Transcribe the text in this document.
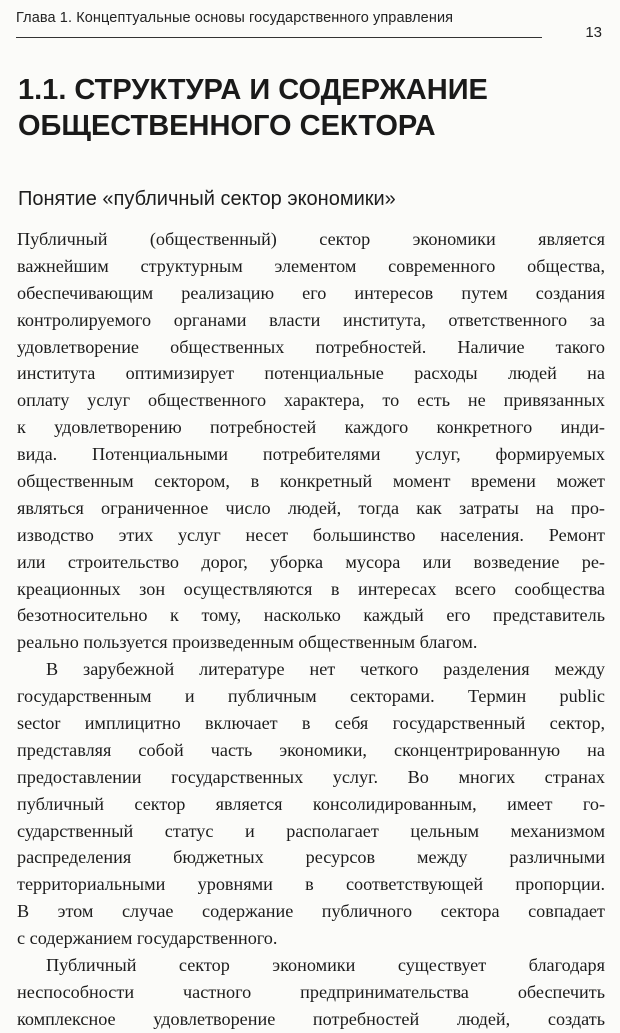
Глава 1. Концептуальные основы государственного управления
13
1.1. СТРУКТУРА И СОДЕРЖАНИЕ
ОБЩЕСТВЕННОГО СЕКТОРА
Понятие «публичный сектор экономики»
Публичный (общественный) сектор экономики является
важнейшим структурным элементом современного общества,
обеспечивающим реализацию его интересов путем создания
контролируемого органами власти института, ответственного за
удовлетворение общественных потребностей. Наличие такого
института оптимизирует потенциальные расходы людей на
оплату услуг общественного характера, то есть не привязанных
к удовлетворению потребностей каждого конкретного инди-
вида. Потенциальными потребителями услуг, формируемых
общественным сектором, в конкретный момент времени может
являться ограниченное число людей, тогда как затраты на про-
изводство этих услуг несет большинство населения. Ремонт
или строительство дорог, уборка мусора или возведение ре-
креационных зон осуществляются в интересах всего сообщества
безотносительно к тому, насколько каждый его представитель
реально пользуется произведенным общественным благом.
В зарубежной литературе нет четкого разделения между
государственным и публичным секторами. Термин public
sector имплицитно включает в себя государственный сектор,
представляя собой часть экономики, сконцентрированную на
предоставлении государственных услуг. Во многих странах
публичный сектор является консолидированным, имеет го-
сударственный статус и располагает цельным механизмом
распределения бюджетных ресурсов между различными
территориальными уровнями в соответствующей пропорции.
В этом случае содержание публичного сектора совпадает
с содержанием государственного.
Публичный сектор экономики существует благодаря
неспособности частного предпринимательства обеспечить
комплексное удовлетворение потребностей людей, создать
